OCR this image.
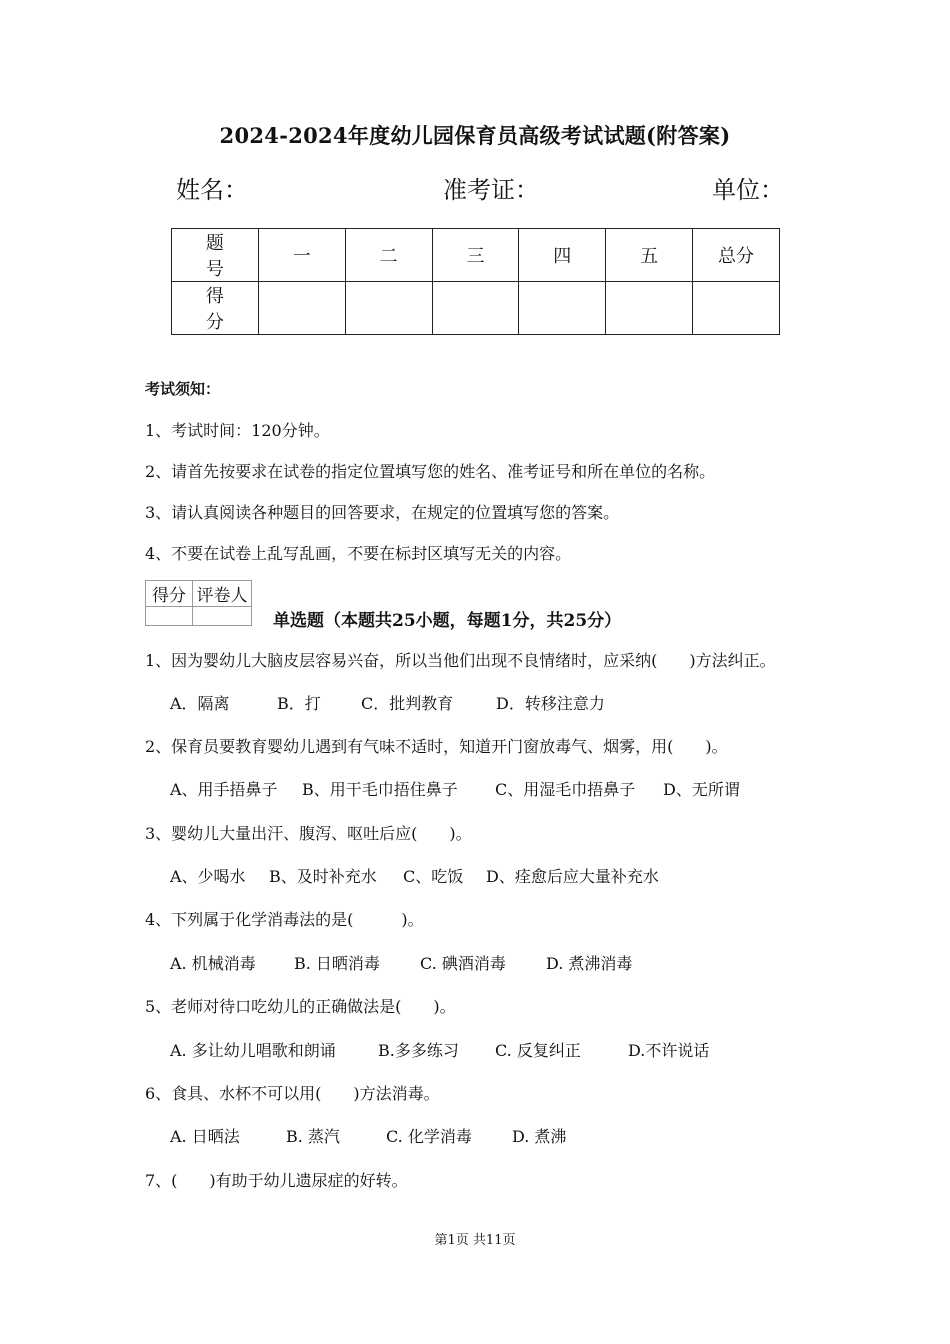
2024-2024年度幼儿园保育员高级考试试题(附答案)
姓名：	准考证：	单位：
题号	一	二	三	四	五	总分
得分						
考试须知：
1、考试时间：120分钟。
2、请首先按要求在试卷的指定位置填写您的姓名、准考证号和所在单位的名称。
3、请认真阅读各种题目的回答要求，在规定的位置填写您的答案。
4、不要在试卷上乱写乱画，不要在标封区填写无关的内容。
得分	评卷人

单选题（本题共25小题，每题1分，共25分）
1、因为婴幼儿大脑皮层容易兴奋，所以当他们出现不良情绪时，应采纳(　　)方法纠正。
A．隔离	B．打	C．批判教育	D．转移注意力
2、保育员要教育婴幼儿遇到有气味不适时，知道开门窗放毒气、烟雾，用(　　)。
A、用手捂鼻子 B、用干毛巾捂住鼻子 C、用湿毛巾捂鼻子 D、无所谓
3、婴幼儿大量出汗、腹泻、呕吐后应(　　)。
A、少喝水 B、及时补充水 C、吃饭 D、痊愈后应大量补充水
4、下列属于化学消毒法的是(　　　)。
A. 机械消毒 B. 日晒消毒	C. 碘酒消毒	D. 煮沸消毒
5、老师对待口吃幼儿的正确做法是(　　)。
A. 多让幼儿唱歌和朗诵	B.多多练习 C. 反复纠正	D.不许说话
6、食具、水杯不可以用(　　)方法消毒。
A. 日晒法	B. 蒸汽	C. 化学消毒	D. 煮沸
7、(　　)有助于幼儿遗尿症的好转。
第1页 共11页
